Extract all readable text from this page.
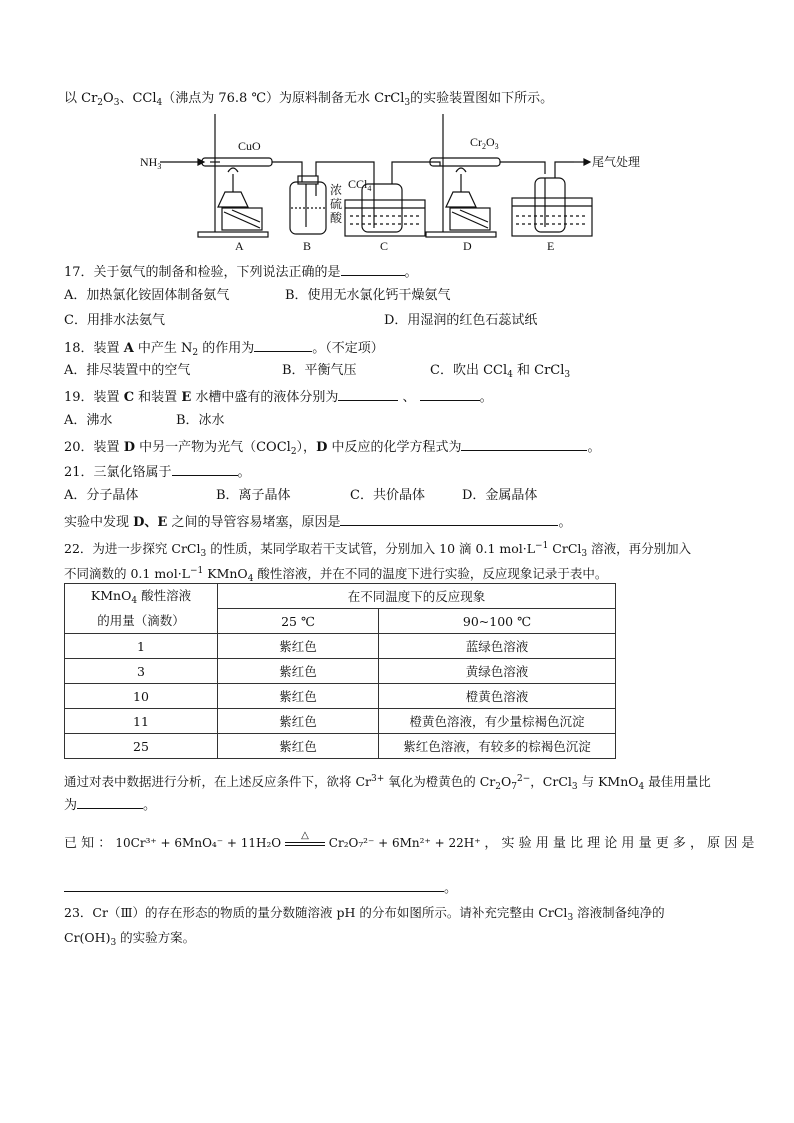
以 $Cr_2O_3$、CCl$_4$（沸点为 76.8 ℃）为原料制备无水 CrCl$_3$的实验装置图如下所示。
$NH_3$
CuO	$Cr_2O_3$
尾气处理
浓
硫
酸
CCl$_4$
A	B	C	D	E
17．关于氨气的制备和检验，下列说法正确的是	。
A．加热氯化铵固体制备氨气	B．使用无水氯化钙干燥氨气
C．用排水法氨气	D．用湿润的红色石蕊试纸
18．装置 A 中产生 $N_2$ 的作用为	。（不定项）
A．排尽装置中的空气	B．平衡气压	C．吹出 CCl$_4$ 和 CrCl$_3$
19．装置 C 和装置 E 水槽中盛有的液体分别为	、	。
A．沸水	B．冰水
20．装置 D 中另一产物为光气（COCl$_2$），D 中反应的化学方程式为	。
21．三氯化铬属于	。
A．分子晶体	B．离子晶体	C．共价晶体	D．金属晶体
实验中发现 D、E 之间的导管容易堵塞，原因是	。
22．为进一步探究 CrCl$_3$ 的性质，某同学取若干支试管，分别加入 10 滴 0.1 $mol\cdot L^{-1}$ CrCl$_3$ 溶液，再分别加入
不同滴数的 0.1 $mol\cdot L^{-1}$ KMnO$_4$ 酸性溶液，并在不同的温度下进行实验，反应现象记录于表中。
KMnO$_4$ 酸性溶液
的用量（滴数）	在不同温度下的反应现象	
	25 ℃	90~100 ℃
1	紫红色	蓝绿色溶液
3	紫红色	黄绿色溶液
10	紫红色	橙黄色溶液
11	紫红色	橙黄色溶液，有少量棕褐色沉淀
25	紫红色	紫红色溶液，有较多的棕褐色沉淀
通过对表中数据进行分析，在上述反应条件下，欲将 $Cr^{3+}$ 氧化为橙黄色的 $Cr_2O_7^{2-}$，CrCl$_3$ 与 KMnO$_4$ 最佳用量比
为	。
已 知 ： 10Cr³⁺ + 6MnO₄⁻ + 11H₂O
△
Cr₂O₇²⁻ + 6Mn²⁺ + 22H⁺ ， 实 验 用 量 比 理 论 用 量 更 多 ， 原 因 是
。
23．Cr（Ⅲ）的存在形态的物质的量分数随溶液 pH 的分布如图所示。请补充完整由 CrCl$_3$ 溶液制备纯净的
$Cr(OH)_3$ 的实验方案。
